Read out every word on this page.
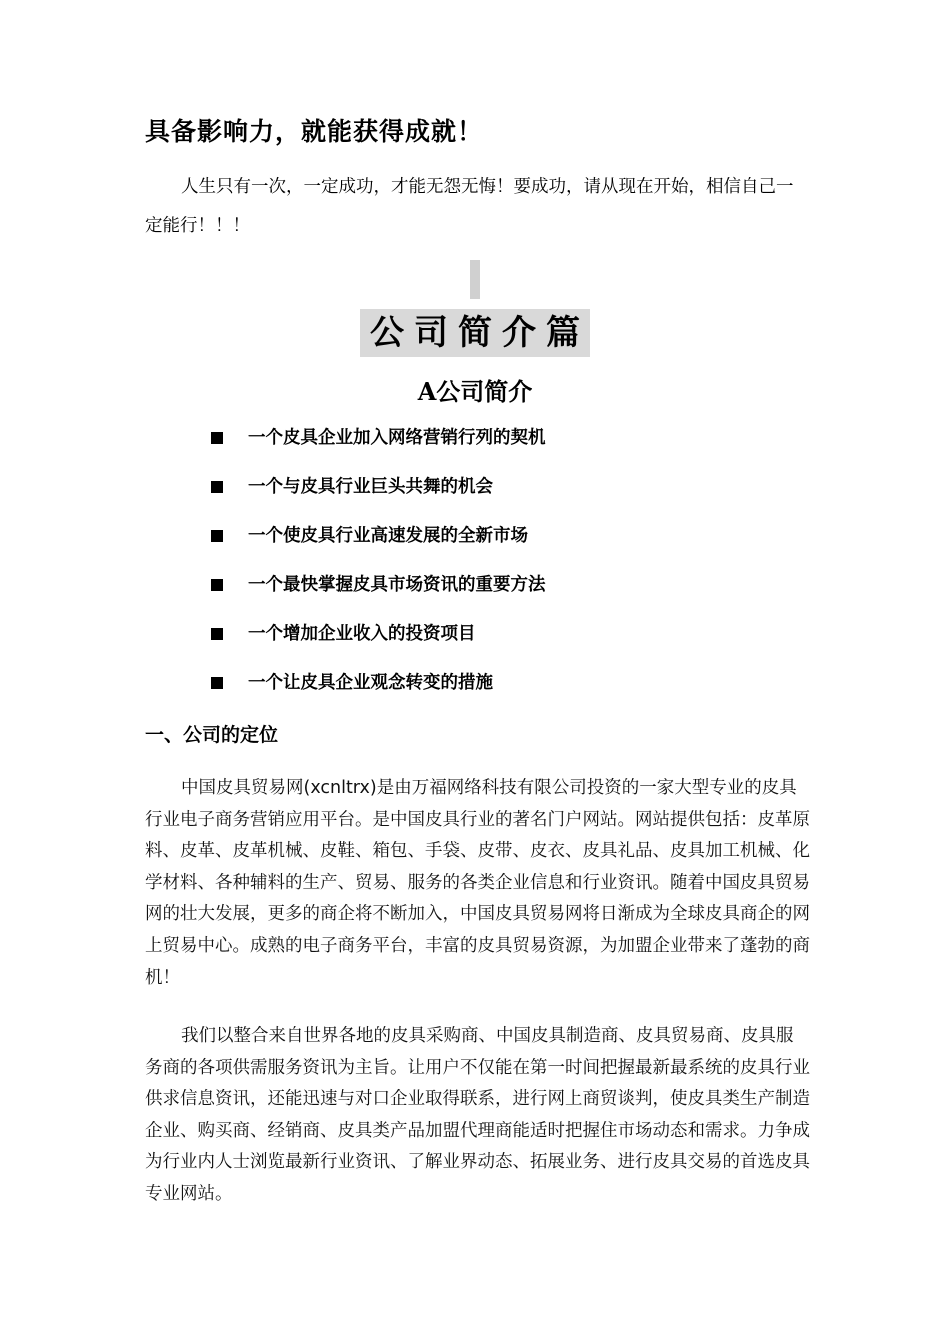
具备影响力，就能获得成就！

人生只有一次，一定成功，才能无怨无悔！要成功，请从现在开始，相信自己一定能行！！！

公司简介篇
A公司简介
一个皮具企业加入网络营销行列的契机
一个与皮具行业巨头共舞的机会
一个使皮具行业高速发展的全新市场
一个最快掌握皮具市场资讯的重要方法
一个增加企业收入的投资项目
一个让皮具企业观念转变的措施
一、公司的定位

中国皮具贸易网(xcnltrx)是由万福网络科技有限公司投资的一家大型专业的皮具行业电子商务营销应用平台。是中国皮具行业的著名门户网站。网站提供包括：皮革原料、皮革、皮革机械、皮鞋、箱包、手袋、皮带、皮衣、皮具礼品、皮具加工机械、化学材料、各种辅料的生产、贸易、服务的各类企业信息和行业资讯。随着中国皮具贸易网的壮大发展，更多的商企将不断加入，中国皮具贸易网将日渐成为全球皮具商企的网上贸易中心。成熟的电子商务平台，丰富的皮具贸易资源，为加盟企业带来了蓬勃的商机！

我们以整合来自世界各地的皮具采购商、中国皮具制造商、皮具贸易商、皮具服务商的各项供需服务资讯为主旨。让用户不仅能在第一时间把握最新最系统的皮具行业供求信息资讯，还能迅速与对口企业取得联系，进行网上商贸谈判，使皮具类生产制造企业、购买商、经销商、皮具类产品加盟代理商能适时把握住市场动态和需求。力争成为行业内人士浏览最新行业资讯、了解业界动态、拓展业务、进行皮具交易的首选皮具专业网站。
